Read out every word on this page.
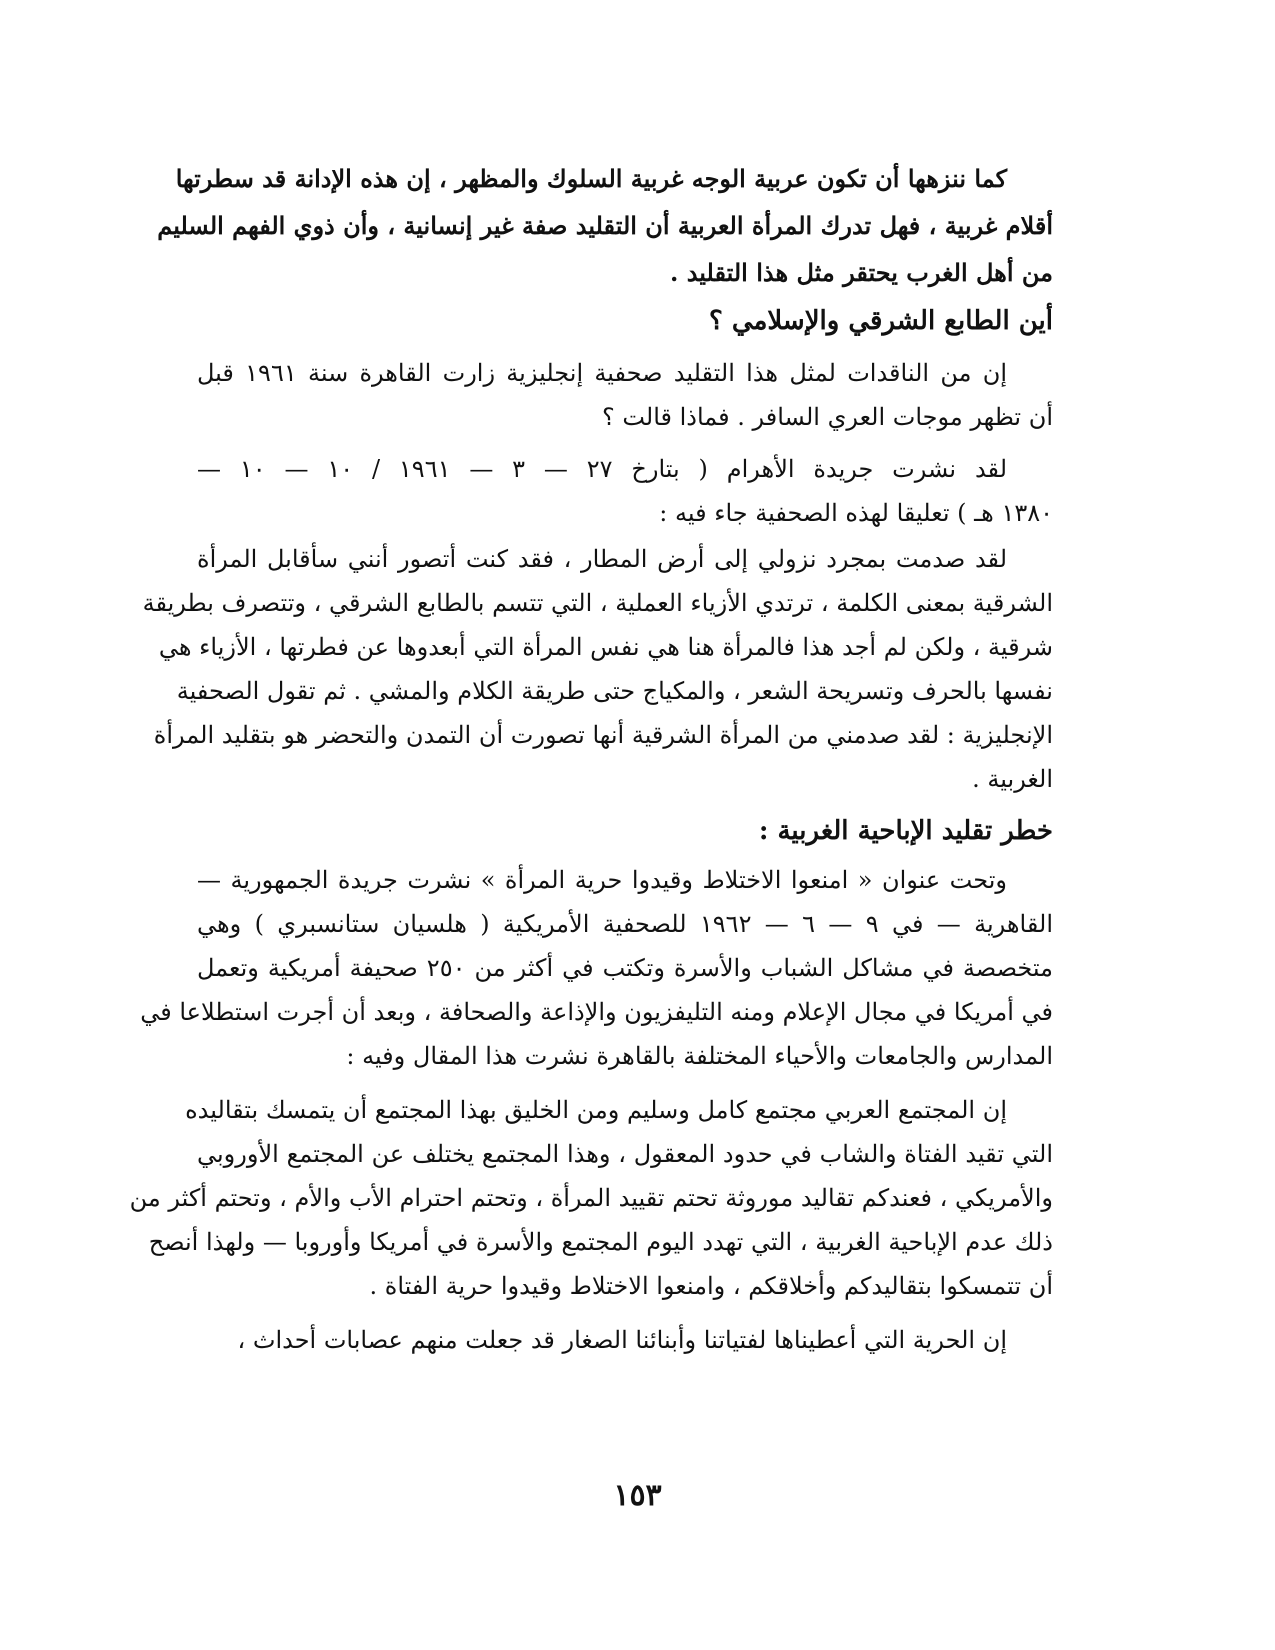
كما ننزهها أن تكون عربية الوجه غربية السلوك والمظهر ، إن هذه الإدانة قد سطرتها
أقلام غربية ، فهل تدرك المرأة العربية أن التقليد صفة غير إنسانية ، وأن ذوي الفهم السليم
من أهل الغرب يحتقر مثل هذا التقليد .
أين الطابع الشرقي والإسلامي ؟
إن من الناقدات لمثل هذا التقليد صحفية إنجليزية زارت القاهرة سنة ١٩٦١ قبل
أن تظهر موجات العري السافر . فماذا قالت ؟
لقد نشرت جريدة الأهرام ( بتارخ ٢٧ — ٣ — ١٩٦١ / ١٠ — ١٠ —
١٣٨٠ هـ ) تعليقا لهذه الصحفية جاء فيه :
لقد صدمت بمجرد نزولي إلى أرض المطار ، فقد كنت أتصور أنني سأقابل المرأة
الشرقية بمعنى الكلمة ، ترتدي الأزياء العملية ، التي تتسم بالطابع الشرقي ، وتتصرف بطريقة
شرقية ، ولكن لم أجد هذا فالمرأة هنا هي نفس المرأة التي أبعدوها عن فطرتها ، الأزياء هي
نفسها بالحرف وتسريحة الشعر ، والمكياج حتى طريقة الكلام والمشي . ثم تقول الصحفية
الإنجليزية : لقد صدمني من المرأة الشرقية أنها تصورت أن التمدن والتحضر هو بتقليد المرأة
الغربية .
خطر تقليد الإباحية الغربية :
وتحت عنوان « امنعوا الاختلاط وقيدوا حرية المرأة » نشرت جريدة الجمهورية —
القاهرية — في ٩ — ٦ — ١٩٦٢ للصحفية الأمريكية ( هلسيان ستانسبري ) وهي
متخصصة في مشاكل الشباب والأسرة وتكتب في أكثر من ٢٥٠ صحيفة أمريكية وتعمل
في أمريكا في مجال الإعلام ومنه التليفزيون والإذاعة والصحافة ، وبعد أن أجرت استطلاعا في
المدارس والجامعات والأحياء المختلفة بالقاهرة نشرت هذا المقال وفيه :
إن المجتمع العربي مجتمع كامل وسليم ومن الخليق بهذا المجتمع أن يتمسك بتقاليده
التي تقيد الفتاة والشاب في حدود المعقول ، وهذا المجتمع يختلف عن المجتمع الأوروبي
والأمريكي ، فعندكم تقاليد موروثة تحتم تقييد المرأة ، وتحتم احترام الأب والأم ، وتحتم أكثر من
ذلك عدم الإباحية الغربية ، التي تهدد اليوم المجتمع والأسرة في أمريكا وأوروبا — ولهذا أنصح
أن تتمسكوا بتقاليدكم وأخلاقكم ، وامنعوا الاختلاط وقيدوا حرية الفتاة .
إن الحرية التي أعطيناها لفتياتنا وأبنائنا الصغار قد جعلت منهم عصابات أحداث ،
١٥٣
